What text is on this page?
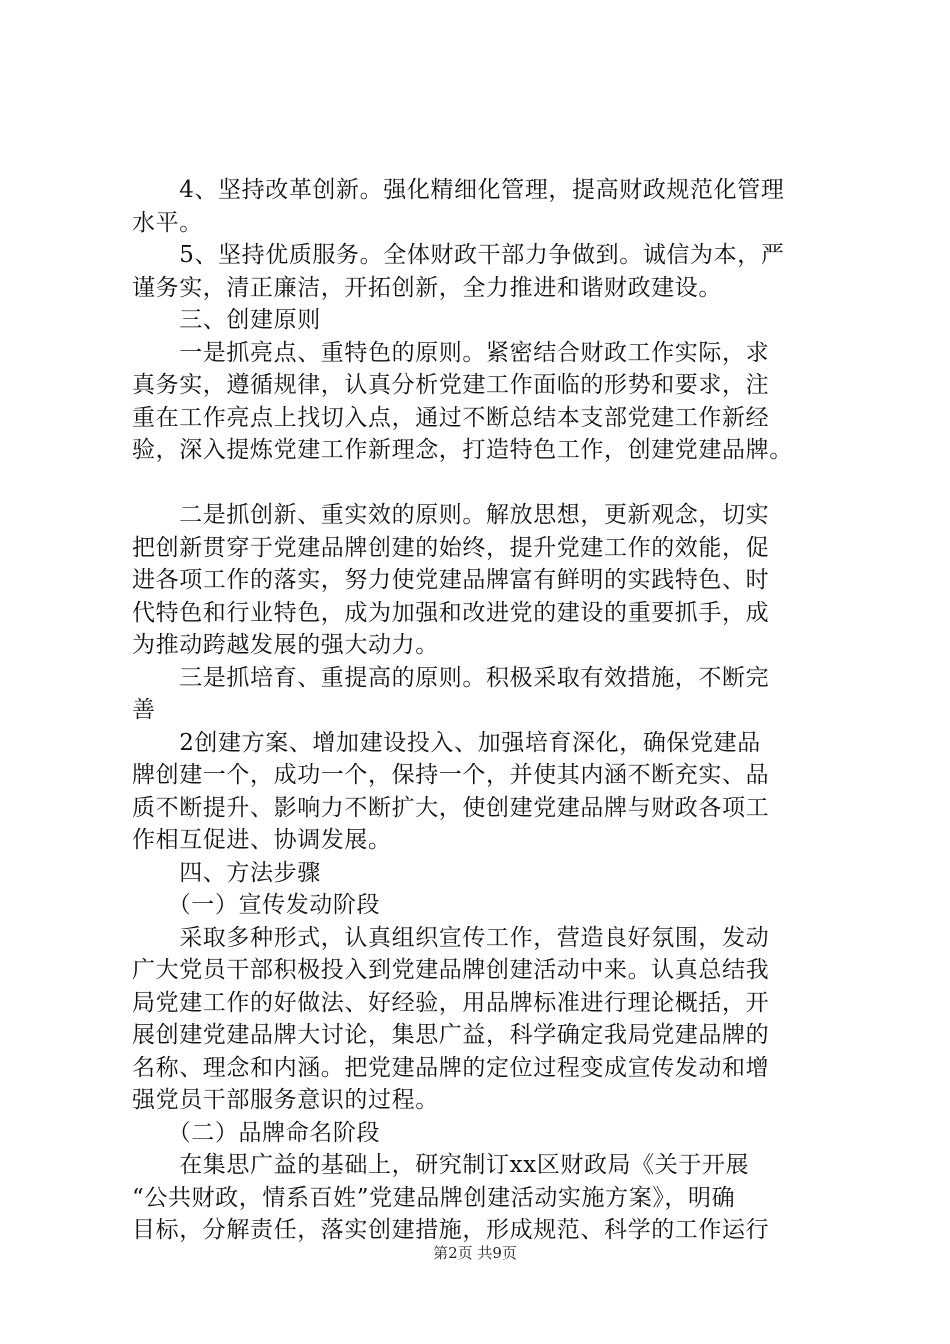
　　4、坚持改革创新。强化精细化管理，提高财政规范化管理
水平。
　　5、坚持优质服务。全体财政干部力争做到。诚信为本，严
谨务实，清正廉洁，开拓创新，全力推进和谐财政建设。
　　三、创建原则
　　一是抓亮点、重特色的原则。紧密结合财政工作实际，求
真务实，遵循规律，认真分析党建工作面临的形势和要求，注
重在工作亮点上找切入点，通过不断总结本支部党建工作新经
验，深入提炼党建工作新理念，打造特色工作，创建党建品牌。
　　二是抓创新、重实效的原则。解放思想，更新观念，切实
把创新贯穿于党建品牌创建的始终，提升党建工作的效能，促
进各项工作的落实，努力使党建品牌富有鲜明的实践特色、时
代特色和行业特色，成为加强和改进党的建设的重要抓手，成
为推动跨越发展的强大动力。
　　三是抓培育、重提高的原则。积极采取有效措施，不断完
善
　　2创建方案、增加建设投入、加强培育深化，确保党建品
牌创建一个，成功一个，保持一个，并使其内涵不断充实、品
质不断提升、影响力不断扩大，使创建党建品牌与财政各项工
作相互促进、协调发展。
　　四、方法步骤
　　（一）宣传发动阶段
　　采取多种形式，认真组织宣传工作，营造良好氛围，发动
广大党员干部积极投入到党建品牌创建活动中来。认真总结我
局党建工作的好做法、好经验，用品牌标准进行理论概括，开
展创建党建品牌大讨论，集思广益，科学确定我局党建品牌的
名称、理念和内涵。把党建品牌的定位过程变成宣传发动和增
强党员干部服务意识的过程。
　　（二）品牌命名阶段
　　在集思广益的基础上，研究制订xx区财政局《关于开展
“公共财政，情系百姓”党建品牌创建活动实施方案》，明确
目标，分解责任，落实创建措施，形成规范、科学的工作运行
第2页 共9页
